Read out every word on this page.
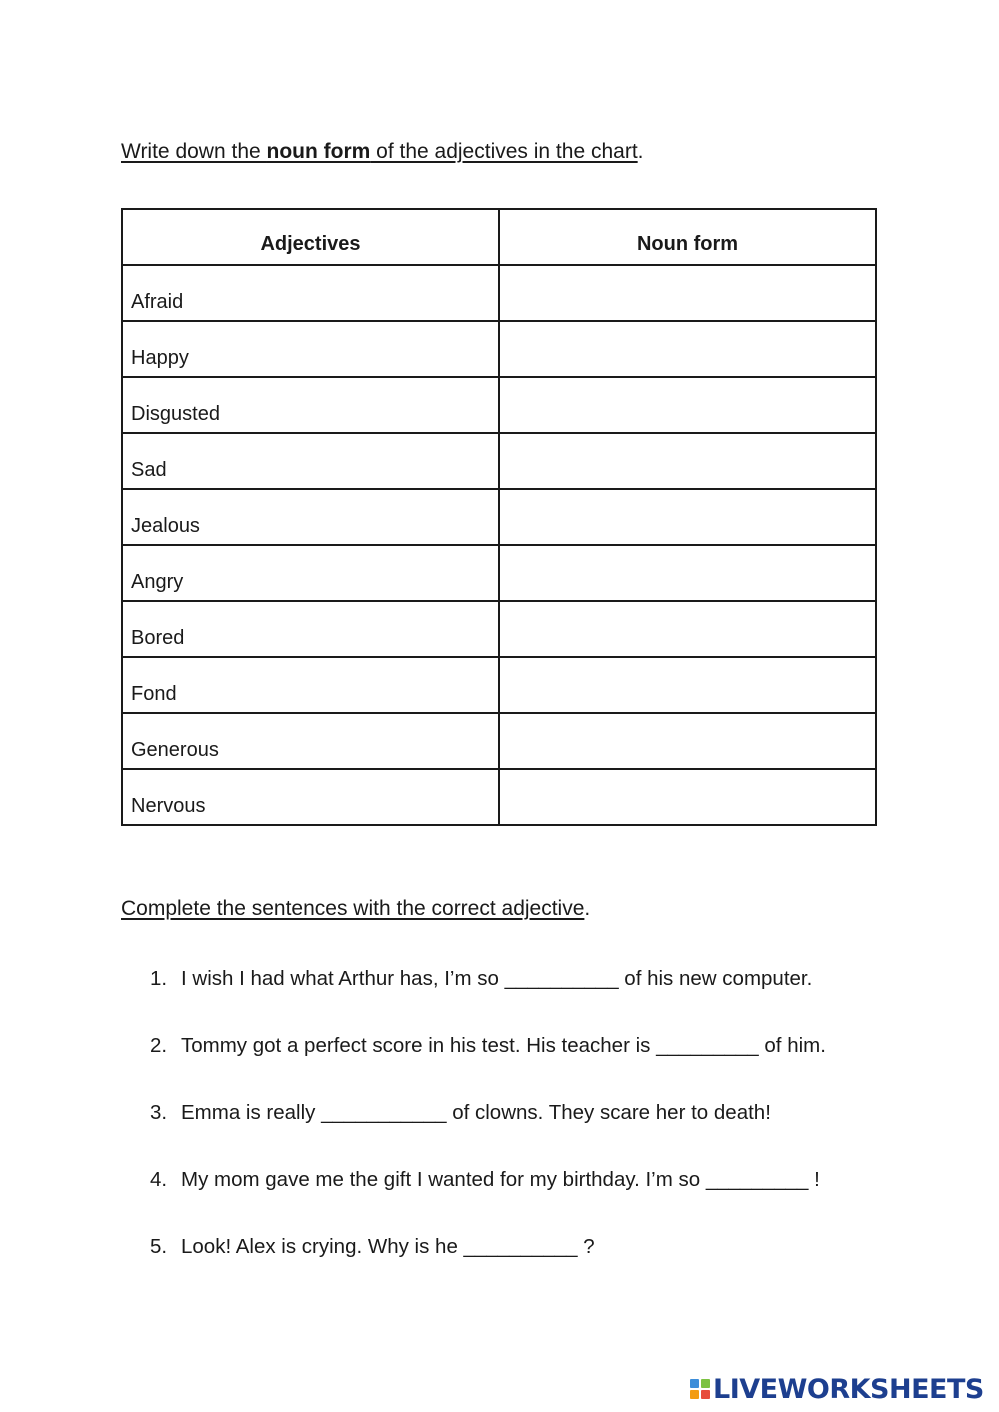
Write down the noun form of the adjectives in the chart.
Adjectives	Noun form
Afraid	
Happy	
Disgusted	
Sad	
Jealous	
Angry	
Bored	
Fond	
Generous	
Nervous	
Complete the sentences with the correct adjective.
1. I wish I had what Arthur has, I’m so __________ of his new computer.
2. Tommy got a perfect score in his test. His teacher is _________ of him.
3. Emma is really ___________ of clowns. They scare her to death!
4. My mom gave me the gift I wanted for my birthday. I’m so _________ !
5. Look! Alex is crying. Why is he __________ ?
LIVEWORKSHEETS
